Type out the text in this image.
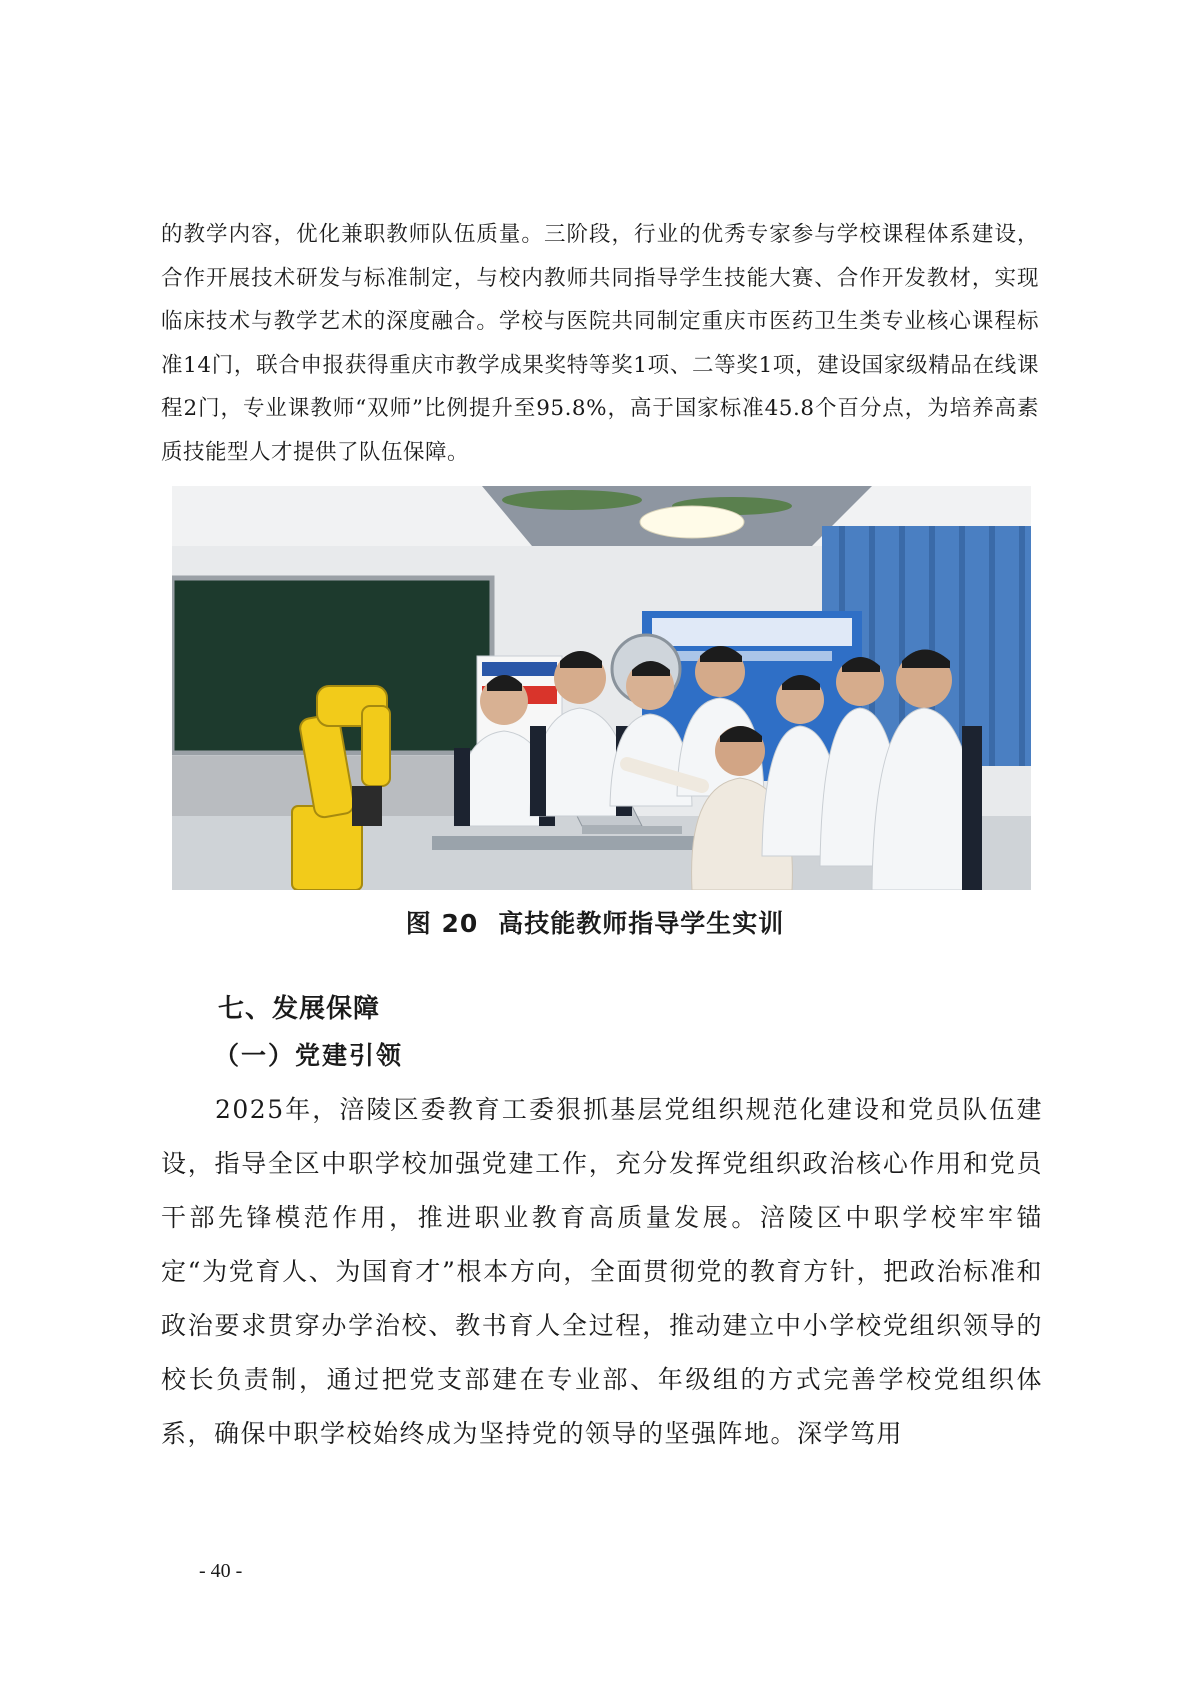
的教学内容，优化兼职教师队伍质量。三阶段，行业的优秀专家参与学校课程体系建设，合作开展技术研发与标准制定，与校内教师共同指导学生技能大赛、合作开发教材，实现临床技术与教学艺术的深度融合。学校与医院共同制定重庆市医药卫生类专业核心课程标准14门，联合申报获得重庆市教学成果奖特等奖1项、二等奖1项，建设国家级精品在线课程2门，专业课教师“双师”比例提升至95.8%，高于国家标准45.8个百分点，为培养高素质技能型人才提供了队伍保障。

图 20 高技能教师指导学生实训

七、发展保障
（一）党建引领

2025年，涪陵区委教育工委狠抓基层党组织规范化建设和党员队伍建设，指导全区中职学校加强党建工作，充分发挥党组织政治核心作用和党员干部先锋模范作用，推进职业教育高质量发展。涪陵区中职学校牢牢锚定“为党育人、为国育才”根本方向，全面贯彻党的教育方针，把政治标准和政治要求贯穿办学治校、教书育人全过程，推动建立中小学校党组织领导的校长负责制，通过把党支部建在专业部、年级组的方式完善学校党组织体系，确保中职学校始终成为坚持党的领导的坚强阵地。深学笃用

- 40 -
